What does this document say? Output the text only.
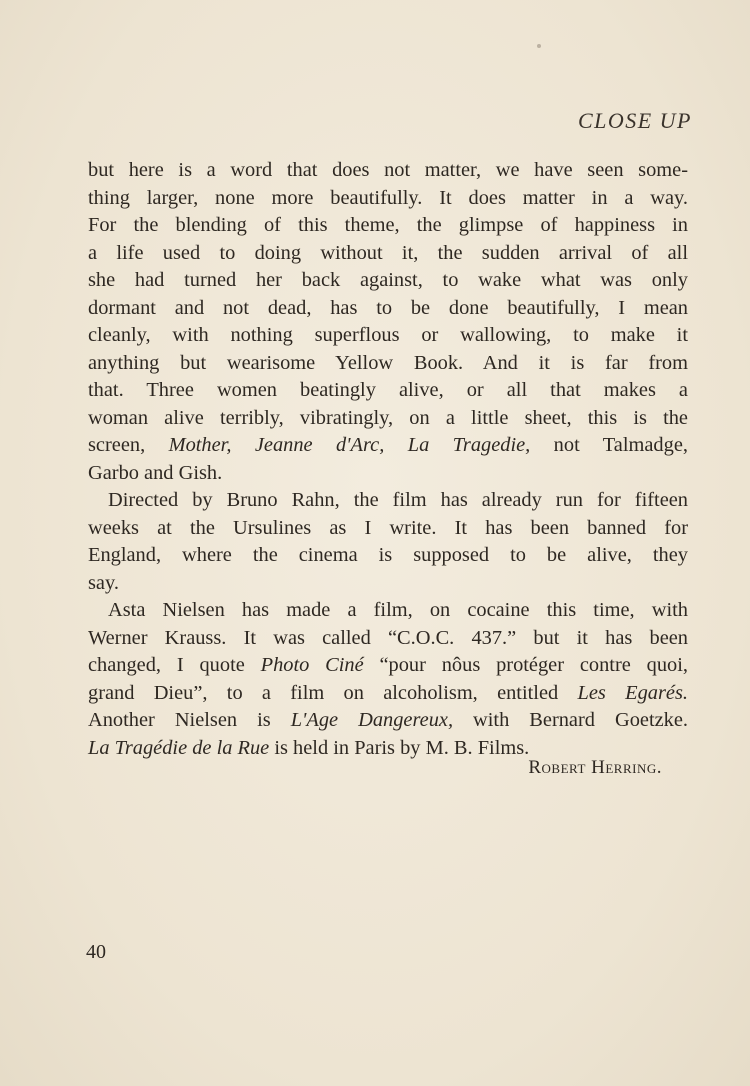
CLOSE UP
but here is a word that does not matter, we have seen some-
thing larger, none more beautifully. It does matter in a way.
For the blending of this theme, the glimpse of happiness in
a life used to doing without it, the sudden arrival of all
she had turned her back against, to wake what was only
dormant and not dead, has to be done beautifully, I mean
cleanly, with nothing superflous or wallowing, to make it
anything but wearisome Yellow Book. And it is far from
that. Three women beatingly alive, or all that makes a
woman alive terribly, vibratingly, on a little sheet, this is the
screen, Mother, Jeanne d'Arc, La Tragedie, not Talmadge,
Garbo and Gish.
Directed by Bruno Rahn, the film has already run for fifteen
weeks at the Ursulines as I write. It has been banned for
England, where the cinema is supposed to be alive, they
say.
Asta Nielsen has made a film, on cocaine this time, with
Werner Krauss. It was called “C.O.C. 437.” but it has been
changed, I quote Photo Ciné “pour nôus protéger contre quoi,
grand Dieu”, to a film on alcoholism, entitled Les Egarés.
Another Nielsen is L'Age Dangereux, with Bernard Goetzke.
La Tragédie de la Rue is held in Paris by M. B. Films.
Robert Herring.
40
